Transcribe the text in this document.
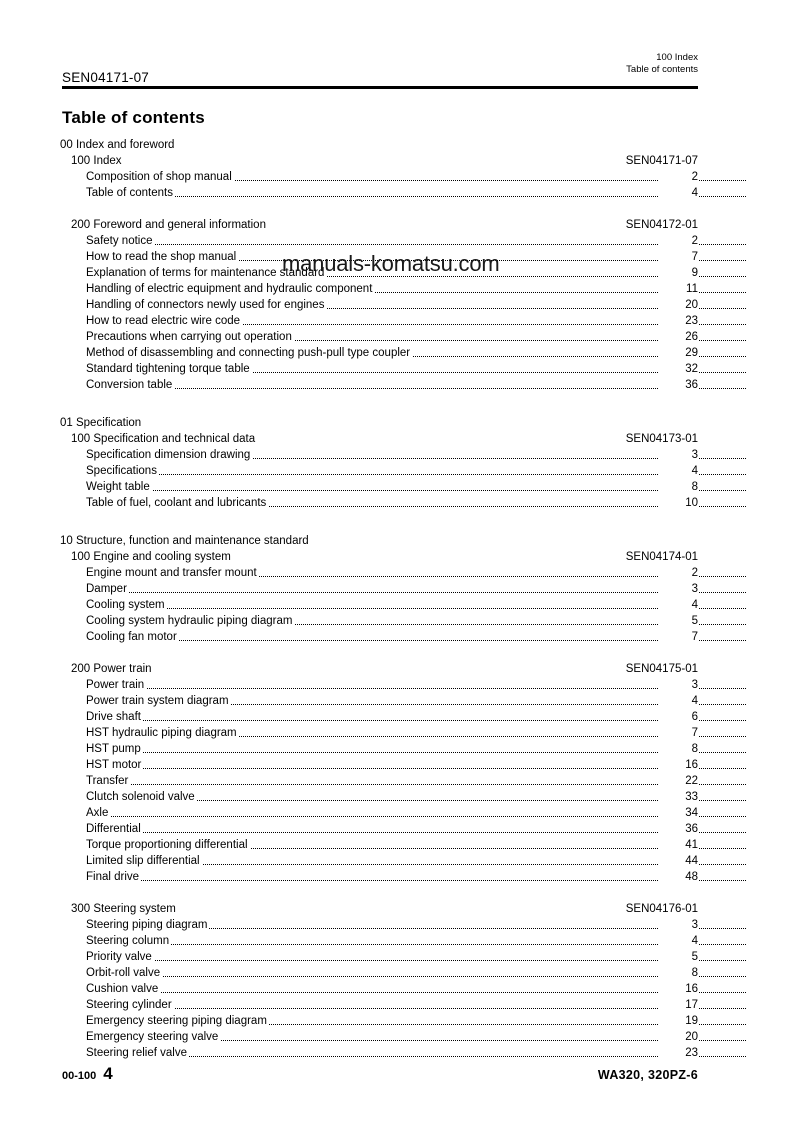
SEN04171-07
100 Index
Table of contents
Table of contents
00 Index and foreword
100 Index	SEN04171-07
Composition of shop manual	2
Table of contents	4
200 Foreword and general information	SEN04172-01
Safety notice	2
How to read the shop manual	7
Explanation of terms for maintenance standard	9
Handling of electric equipment and hydraulic component	11
Handling of connectors newly used for engines	20
How to read electric wire code	23
Precautions when carrying out operation	26
Method of disassembling and connecting push-pull type coupler	29
Standard tightening torque table	32
Conversion table	36
01 Specification
100 Specification and technical data	SEN04173-01
Specification dimension drawing	3
Specifications	4
Weight table	8
Table of fuel, coolant and lubricants	10
10 Structure, function and maintenance standard
100 Engine and cooling system	SEN04174-01
Engine mount and transfer mount	2
Damper	3
Cooling system	4
Cooling system hydraulic piping diagram	5
Cooling fan motor	7
200 Power train	SEN04175-01
Power train	3
Power train system diagram	4
Drive shaft	6
HST hydraulic piping diagram	7
HST pump	8
HST motor	16
Transfer	22
Clutch solenoid valve	33
Axle	34
Differential	36
Torque proportioning differential	41
Limited slip differential	44
Final drive	48
300 Steering system	SEN04176-01
Steering piping diagram	3
Steering column	4
Priority valve	5
Orbit-roll valve	8
Cushion valve	16
Steering cylinder	17
Emergency steering piping diagram	19
Emergency steering valve	20
Steering relief valve	23
manuals-komatsu.com
00-100 4	WA320, 320PZ-6
